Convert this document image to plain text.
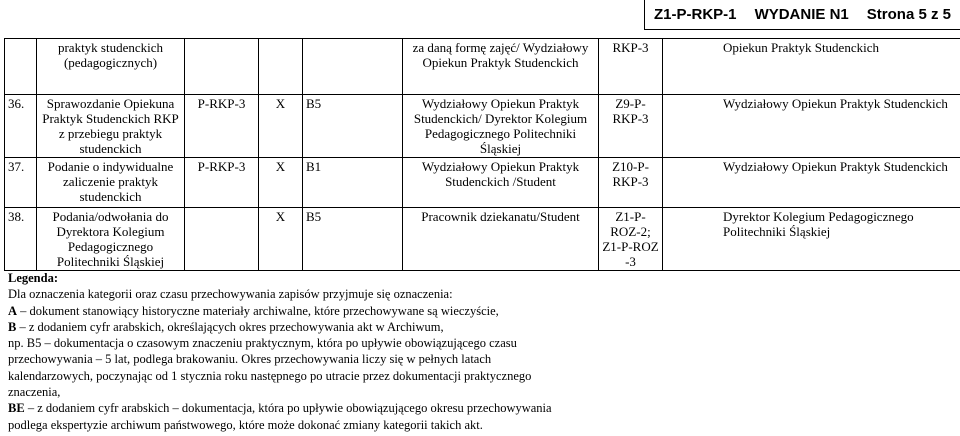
Z1-P-RKP-1 WYDANIE N1 Strona 5 z 5
	praktyk studenckich (pedagogicznych)				za daną formę zajęć/ Wydziałowy Opiekun Praktyk Studenckich	RKP-3	Opiekun Praktyk Studenckich
36.	Sprawozdanie Opiekuna Praktyk Studenckich RKP z przebiegu praktyk studenckich	P-RKP-3	X	B5	Wydziałowy Opiekun Praktyk Studenckich/ Dyrektor Kolegium Pedagogicznego Politechniki Śląskiej	Z9-P-RKP-3	Wydziałowy Opiekun Praktyk Studenckich
37.	Podanie o indywidualne zaliczenie praktyk studenckich	P-RKP-3	X	B1	Wydziałowy Opiekun Praktyk Studenckich /Student	Z10-P-RKP-3	Wydziałowy Opiekun Praktyk Studenckich
38.	Podania/odwołania do Dyrektora Kolegium Pedagogicznego Politechniki Śląskiej		X	B5	Pracownik dziekanatu/Student	Z1-P-ROZ-2; Z1-P-ROZ -3	Dyrektor Kolegium Pedagogicznego Politechniki Śląskiej

Legenda:

Dla oznaczenia kategorii oraz czasu przechowywania zapisów przyjmuje się oznaczenia:

A – dokument stanowiący historyczne materiały archiwalne, które przechowywane są wieczyście,

B – z dodaniem cyfr arabskich, określających okres przechowywania akt w Archiwum,

np. B5 – dokumentacja o czasowym znaczeniu praktycznym, która po upływie obowiązującego czasu przechowywania – 5 lat, podlega brakowaniu. Okres przechowywania liczy się w pełnych latach kalendarzowych, poczynając od 1 stycznia roku następnego po utracie przez dokumentacji praktycznego znaczenia,

BE – z dodaniem cyfr arabskich – dokumentacja, która po upływie obowiązującego okresu przechowywania podlega ekspertyzie archiwum państwowego, które może dokonać zmiany kategorii takich akt.
